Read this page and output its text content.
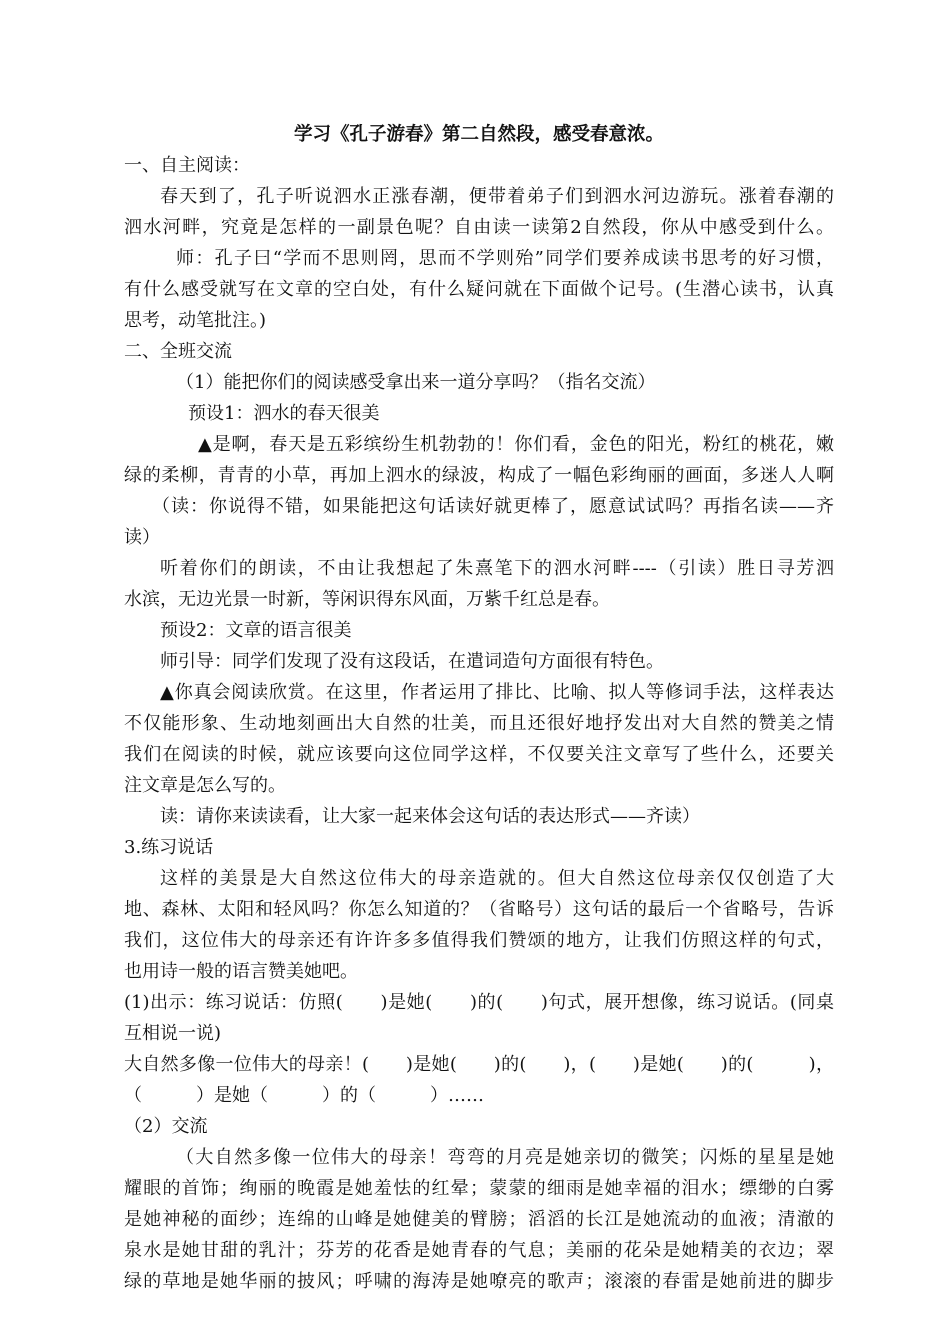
学习《孔子游春》第二自然段，感受春意浓。
一、自主阅读：
春天到了，孔子听说泗水正涨春潮，便带着弟子们到泗水河边游玩。涨着春潮的
泗水河畔，究竟是怎样的一副景色呢？自由读一读第2自然段，你从中感受到什么。
师：孔子曰“学而不思则罔，思而不学则殆”同学们要养成读书思考的好习惯，
有什么感受就写在文章的空白处，有什么疑问就在下面做个记号。(生潜心读书，认真
思考，动笔批注。)
二、全班交流
（1）能把你们的阅读感受拿出来一道分享吗？（指名交流）
预设1：泗水的春天很美
▲是啊，春天是五彩缤纷生机勃勃的！你们看，金色的阳光，粉红的桃花，嫩
绿的柔柳，青青的小草，再加上泗水的绿波，构成了一幅色彩绚丽的画面，多迷人人啊
（读：你说得不错，如果能把这句话读好就更棒了，愿意试试吗？再指名读——齐
读）
听着你们的朗读，不由让我想起了朱熹笔下的泗水河畔----（引读）胜日寻芳泗
水滨，无边光景一时新，等闲识得东风面，万紫千红总是春。
预设2：文章的语言很美
师引导：同学们发现了没有这段话，在遣词造句方面很有特色。
▲你真会阅读欣赏。在这里，作者运用了排比、比喻、拟人等修词手法，这样表达
不仅能形象、生动地刻画出大自然的壮美，而且还很好地抒发出对大自然的赞美之情
我们在阅读的时候，就应该要向这位同学这样，不仅要关注文章写了些什么，还要关
注文章是怎么写的。
读：请你来读读看，让大家一起来体会这句话的表达形式——齐读）
3.练习说话
这样的美景是大自然这位伟大的母亲造就的。但大自然这位母亲仅仅创造了大
地、森林、太阳和轻风吗？你怎么知道的？（省略号）这句话的最后一个省略号，告诉
我们，这位伟大的母亲还有许许多多值得我们赞颂的地方，让我们仿照这样的句式，
也用诗一般的语言赞美她吧。
(1)出示：练习说话：仿照(　　)是她(　　)的(　　)句式，展开想像，练习说话。(同桌
互相说一说)
大自然多像一位伟大的母亲！(　　)是她(　　)的(　　)，(　　)是她(　　)的(　　　)，
（　　　）是她（　　　）的（　　　）……
（2）交流
（大自然多像一位伟大的母亲！弯弯的月亮是她亲切的微笑；闪烁的星星是她
耀眼的首饰；绚丽的晚霞是她羞怯的红晕；蒙蒙的细雨是她幸福的泪水；缥缈的白雾
是她神秘的面纱；连绵的山峰是她健美的臂膀；滔滔的长江是她流动的血液；清澈的
泉水是她甘甜的乳汁；芬芳的花香是她青春的气息；美丽的花朵是她精美的衣边；翠
绿的草地是她华丽的披风；呼啸的海涛是她嘹亮的歌声；滚滚的春雷是她前进的脚步
